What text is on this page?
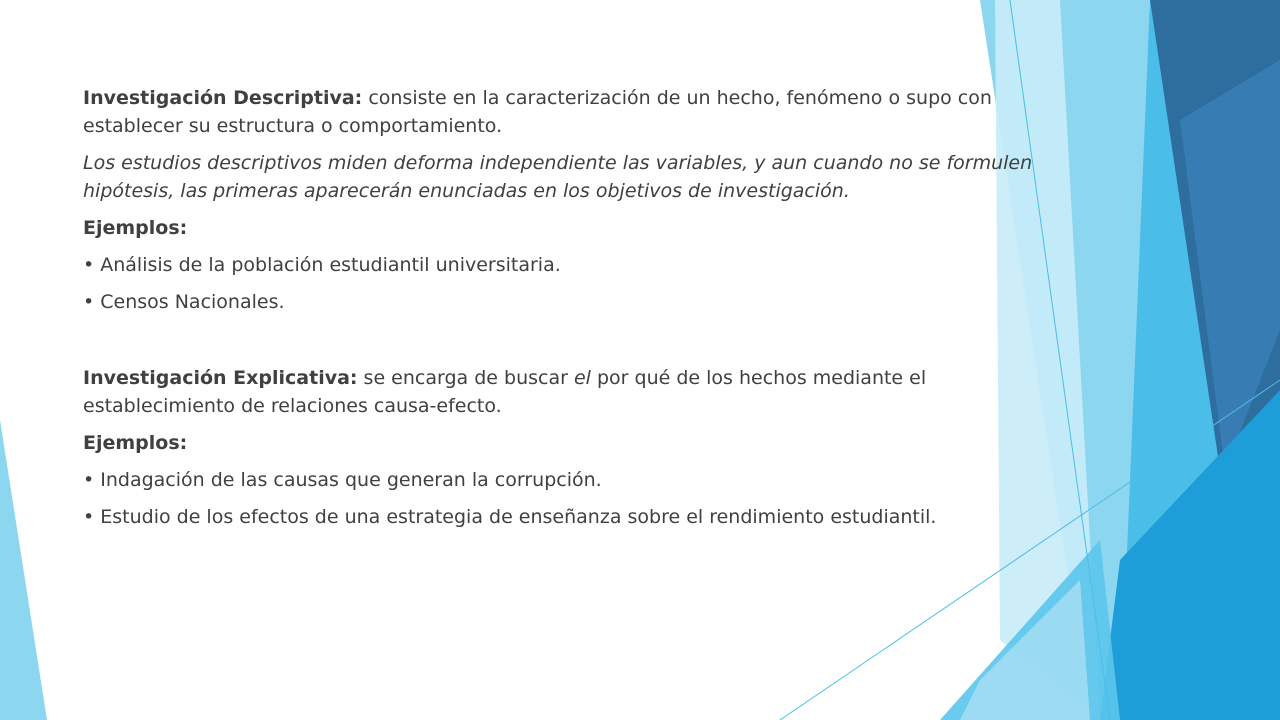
Investigación Descriptiva: consiste en la caracterización de un hecho, fenómeno o supo con establecer su estructura o comportamiento.

Los estudios descriptivos miden deforma independiente las variables, y aun cuando no se formulen hipótesis, las primeras aparecerán enunciadas en los objetivos de investigación.

Ejemplos:

• Análisis de la población estudiantil universitaria.

• Censos Nacionales.

Investigación Explicativa: se encarga de buscar el por qué de los hechos mediante el establecimiento de relaciones causa-efecto.

Ejemplos:

• Indagación de las causas que generan la corrupción.

• Estudio de los efectos de una estrategia de enseñanza sobre el rendimiento estudiantil.
